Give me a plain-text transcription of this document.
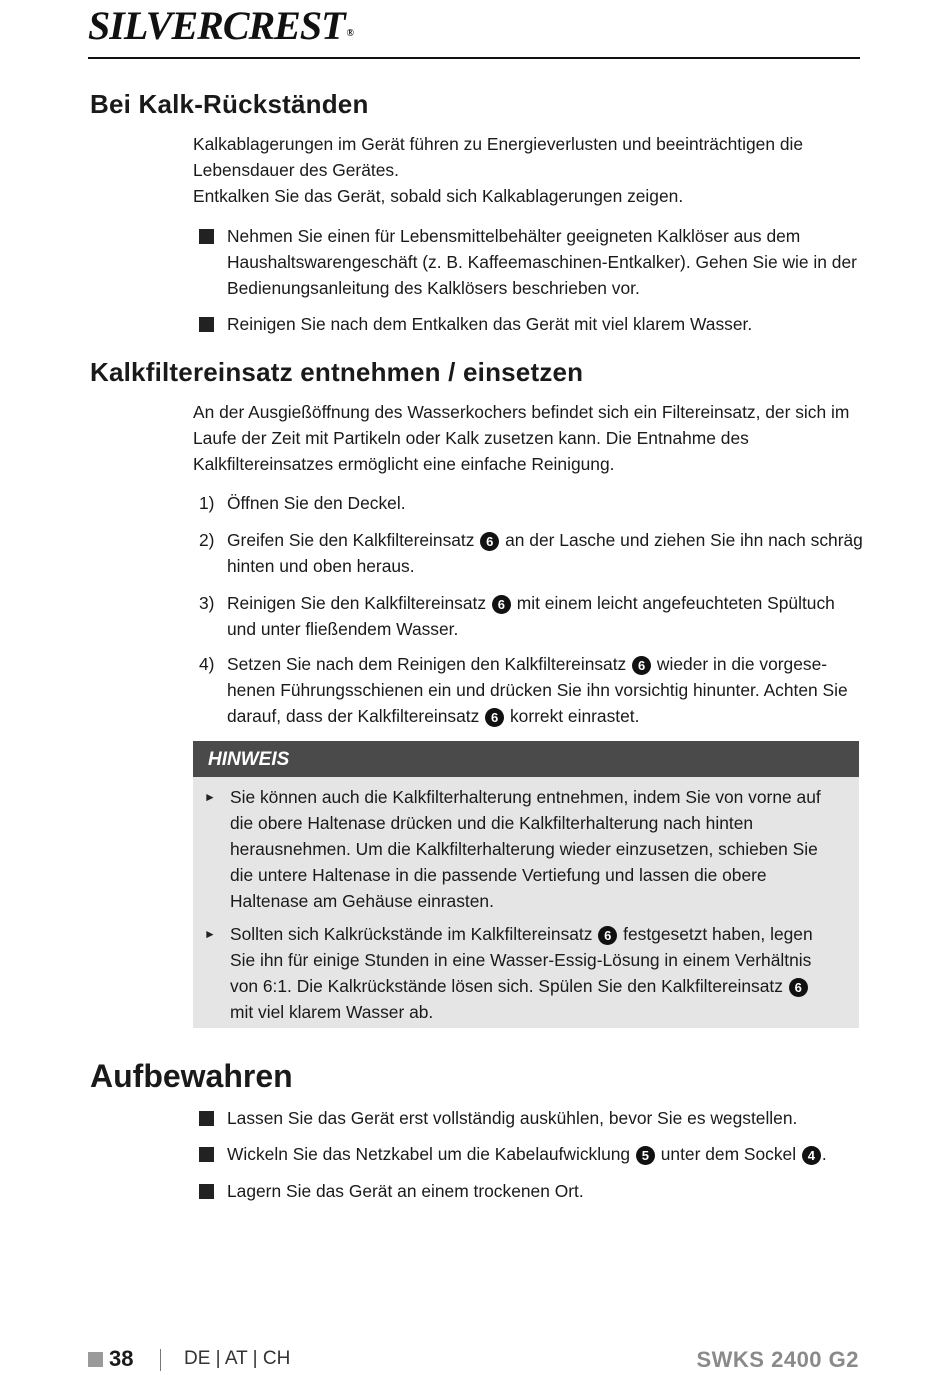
SILVERCREST ®
Bei Kalk-Rückständen

Kalkablagerungen im Gerät führen zu Energieverlusten und beeinträchtigen die Lebensdauer des Gerätes.

Entkalken Sie das Gerät, sobald sich Kalkablagerungen zeigen.

Nehmen Sie einen für Lebensmittelbehälter geeigneten Kalklöser aus dem Haushaltswarengeschäft (z. B. Kaffeemaschinen-Entkalker). Gehen Sie wie in der Bedienungsanleitung des Kalklösers beschrieben vor.
Reinigen Sie nach dem Entkalken das Gerät mit viel klarem Wasser.
Kalkfiltereinsatz entnehmen / einsetzen

An der Ausgießöffnung des Wasserkochers befindet sich ein Filtereinsatz, der sich im Laufe der Zeit mit Partikeln oder Kalk zusetzen kann. Die Entnahme des Kalkfiltereinsatzes ermöglicht eine einfache Reinigung.

1) Öffnen Sie den Deckel.
2) Greifen Sie den Kalkfiltereinsatz 6 an der Lasche und ziehen Sie ihn nach schräg hinten und oben heraus.
3) Reinigen Sie den Kalkfiltereinsatz 6 mit einem leicht angefeuchteten Spültuch und unter fließendem Wasser.
4) Setzen Sie nach dem Reinigen den Kalkfiltereinsatz 6 wieder in die vorgesehenen Führungsschienen ein und drücken Sie ihn vorsichtig hinunter. Achten Sie darauf, dass der Kalkfiltereinsatz 6 korrekt einrastet.
HINWEIS
► Sie können auch die Kalkfilterhalterung entnehmen, indem Sie von vorne auf die obere Haltenase drücken und die Kalkfilterhalterung nach hinten herausnehmen. Um die Kalkfilterhalterung wieder einzusetzen, schieben Sie die untere Haltenase in die passende Vertiefung und lassen die obere Haltenase am Gehäuse einrasten.
► Sollten sich Kalkrückstände im Kalkfiltereinsatz 6 festgesetzt haben, legen Sie ihn für einige Stunden in eine Wasser-Essig-Lösung in einem Verhältnis von 6:1. Die Kalkrückstände lösen sich. Spülen Sie den Kalkfiltereinsatz 6 mit viel klarem Wasser ab.
Aufbewahren
Lassen Sie das Gerät erst vollständig auskühlen, bevor Sie es wegstellen.
Wickeln Sie das Netzkabel um die Kabelaufwicklung 5 unter dem Sockel 4 .
Lagern Sie das Gerät an einem trockenen Ort.
38	DE | AT | CH	SWKS 2400 G2
